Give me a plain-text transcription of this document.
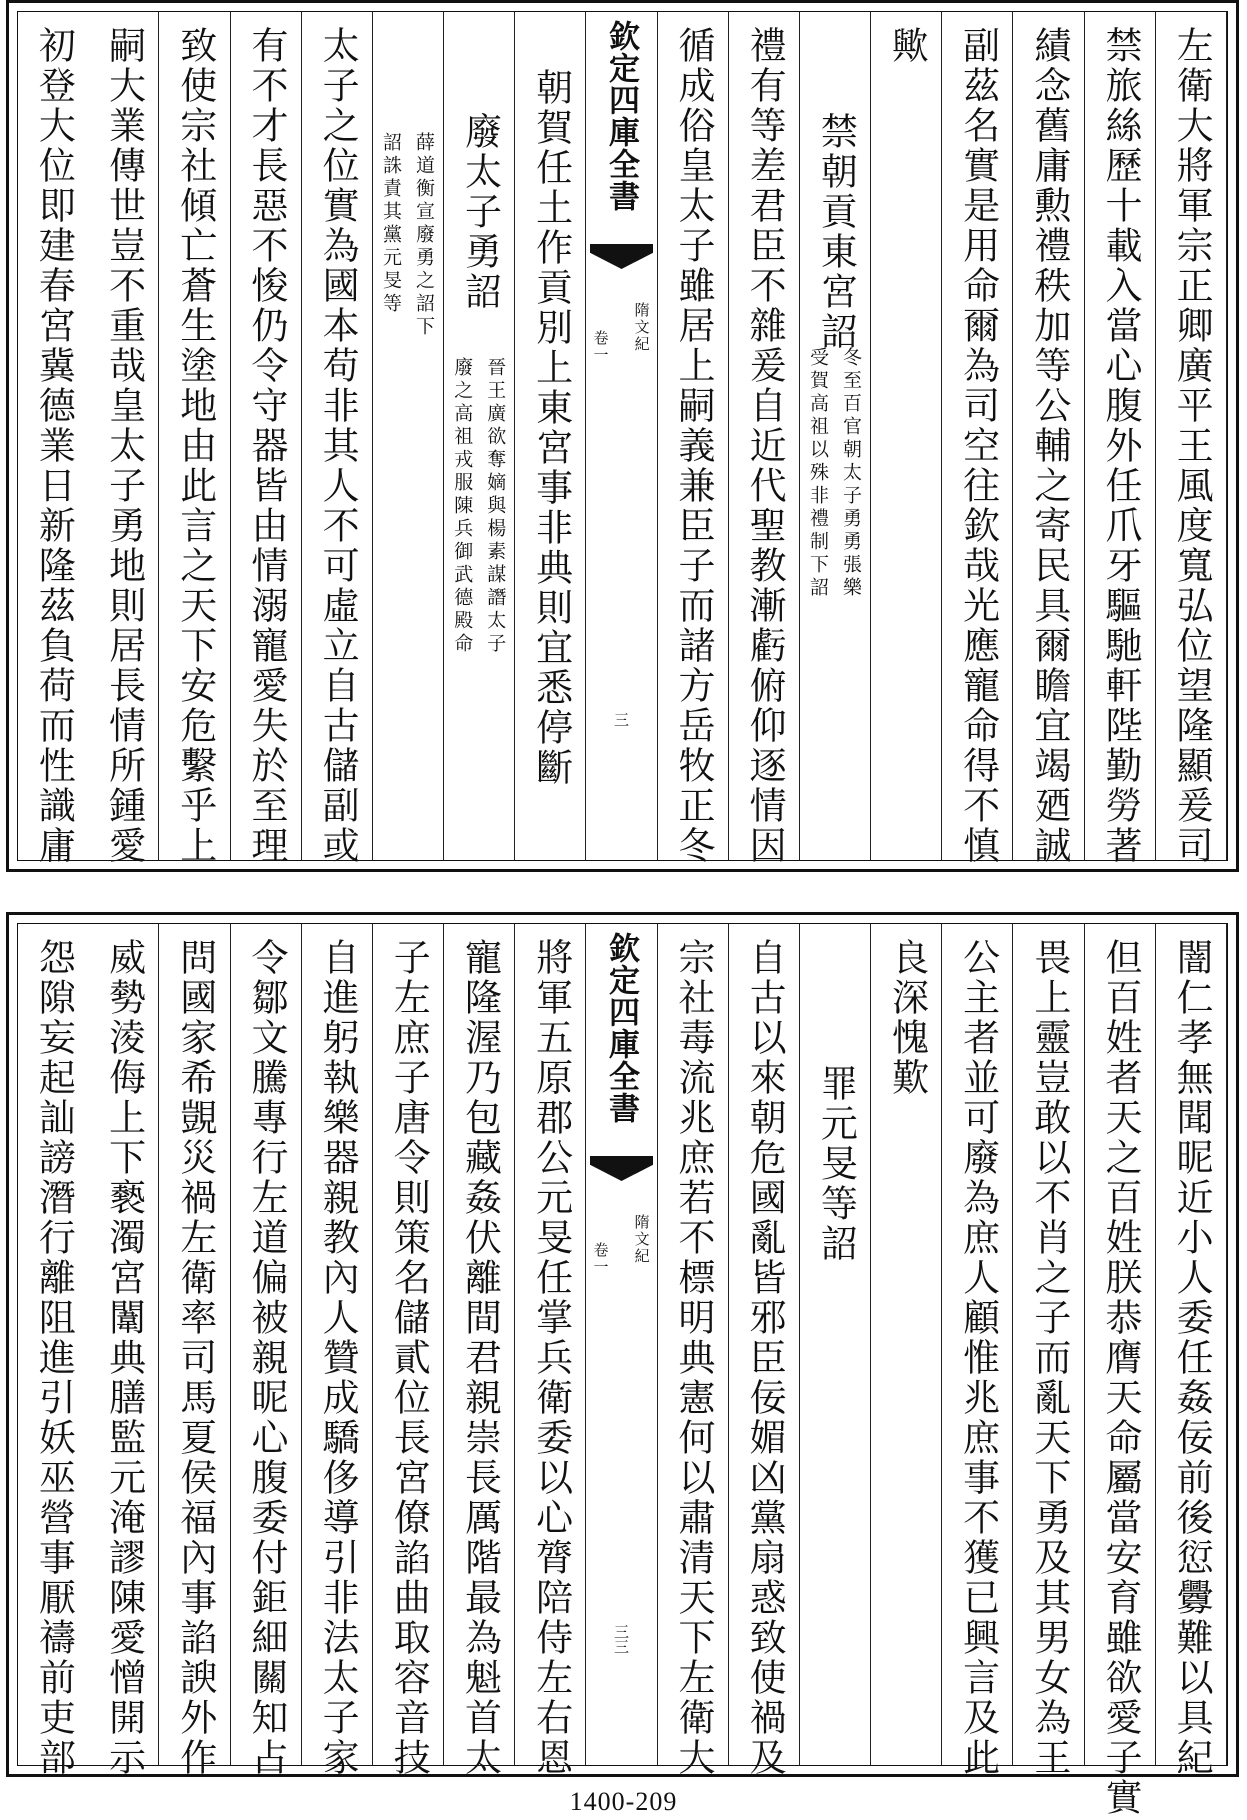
左衛大將軍宗正卿廣平王風度寬弘位望隆顯爰司
禁旅絲歷十載入當心腹外任爪牙驅馳軒陛勤勞著
績念舊庸勲禮秩加等公輔之寄民具爾瞻宜竭廼誠
副茲名實是用命爾為司空往欽哉光應寵命得不慎
歟
禁朝貢東宮詔
冬至百官朝太子勇勇張樂
受賀高祖以殊非禮制下詔
禮有等差君臣不雜爰自近代聖教漸虧俯仰逐情因
循成俗皇太子雖居上嗣義兼臣子而諸方岳牧正冬
欽定四庫全書
隋文紀
卷一
三
朝賀任土作貢別上東宮事非典則宜悉停斷
廢太子勇詔
晉王廣欲奪嫡與楊素謀譖太子
廢之高祖戎服陳兵御武德殿命
薛道衡宣廢勇之詔下
詔誅責其黨元旻等
太子之位實為國本苟非其人不可虛立自古儲副或
有不才長惡不悛仍令守器皆由情溺寵愛失於至理
致使宗社傾亡蒼生塗地由此言之天下安危繫乎上
嗣大業傳世豈不重哉皇太子勇地則居長情所鍾愛
初登大位即建春宮冀德業日新隆茲負荷而性識庸
闇仁孝無聞昵近小人委任姦佞前後愆釁難以具紀
但百姓者天之百姓朕恭膺天命屬當安育雖欲愛子實
畏上靈豈敢以不肖之子而亂天下勇及其男女為王
公主者並可廢為庶人顧惟兆庶事不獲已興言及此
良深愧歎
罪元旻等詔
自古以來朝危國亂皆邪臣佞媚凶黨扇惑致使禍及
宗社毒流兆庶若不標明典憲何以肅清天下左衛大
欽定四庫全書
隋文紀
卷一
三三
將軍五原郡公元旻任掌兵衛委以心膂陪侍左右恩
寵隆渥乃包藏姦伏離間君親崇長厲階最為魁首太
子左庶子唐令則策名儲貳位長宮僚諂曲取容音技
自進躬執樂器親教內人贊成驕侈導引非法太子家
令鄒文騰專行左道偏被親昵心腹委付鉅細關知占
問國家希覬災禍左衛率司馬夏侯福內事諂諛外作
威勢淩侮上下褻濁宮闈典膳監元淹謬陳愛憎開示
怨隙妄起訕謗潛行離阻進引妖巫營事厭禱前吏部
1400-209
